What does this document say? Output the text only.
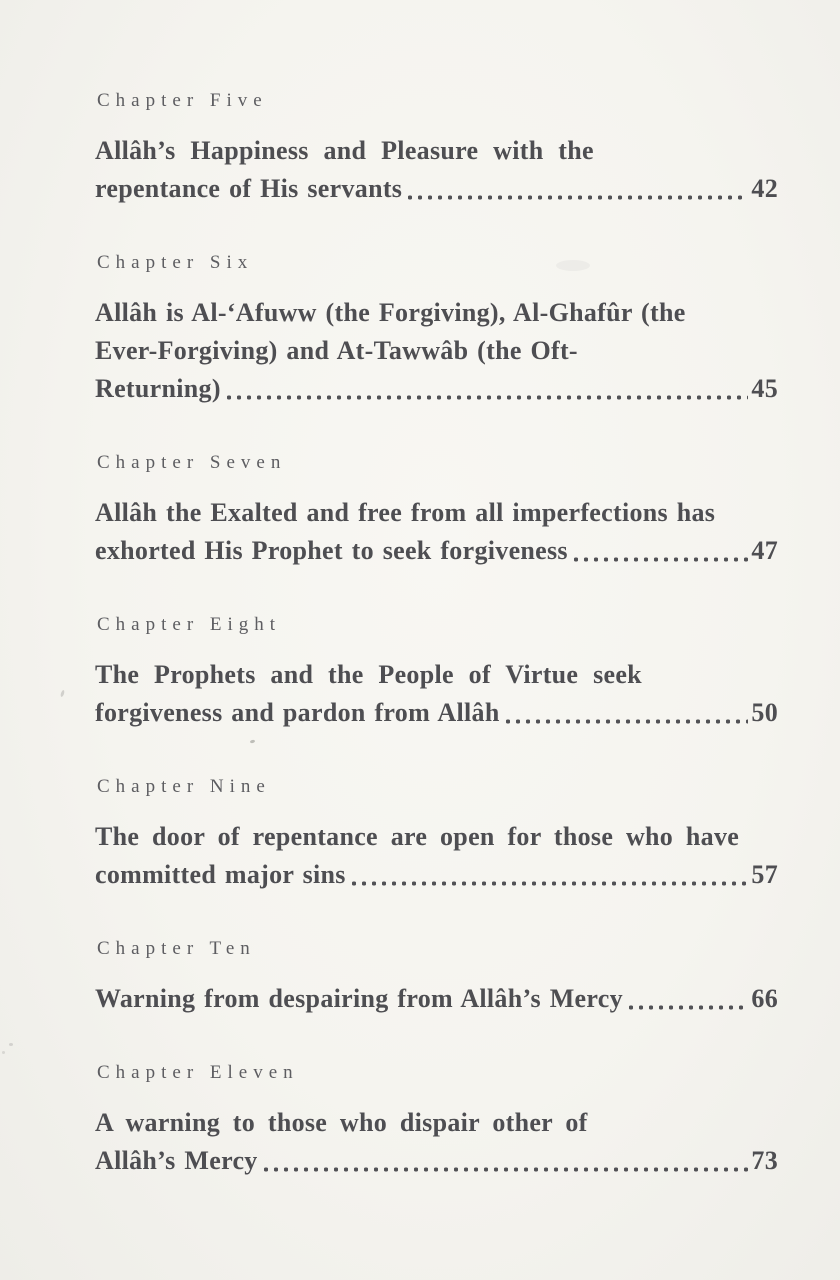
Chapter Five

Allâh’s Happiness and Pleasure with the
repentance of His servants	42

Chapter Six

Allâh is Al-‘Afuww (the Forgiving), Al-Ghafûr (the
Ever-Forgiving) and At-Tawwâb (the Oft-
Returning)	45

Chapter Seven

Allâh the Exalted and free from all imperfections has
exhorted His Prophet to seek forgiveness	47

Chapter Eight

The Prophets and the People of Virtue seek
forgiveness and pardon from Allâh	50

Chapter Nine

The door of repentance are open for those who have
committed major sins	57

Chapter Ten

Warning from despairing from Allâh’s Mercy	66

Chapter Eleven

A warning to those who dispair other of
Allâh’s Mercy	73
